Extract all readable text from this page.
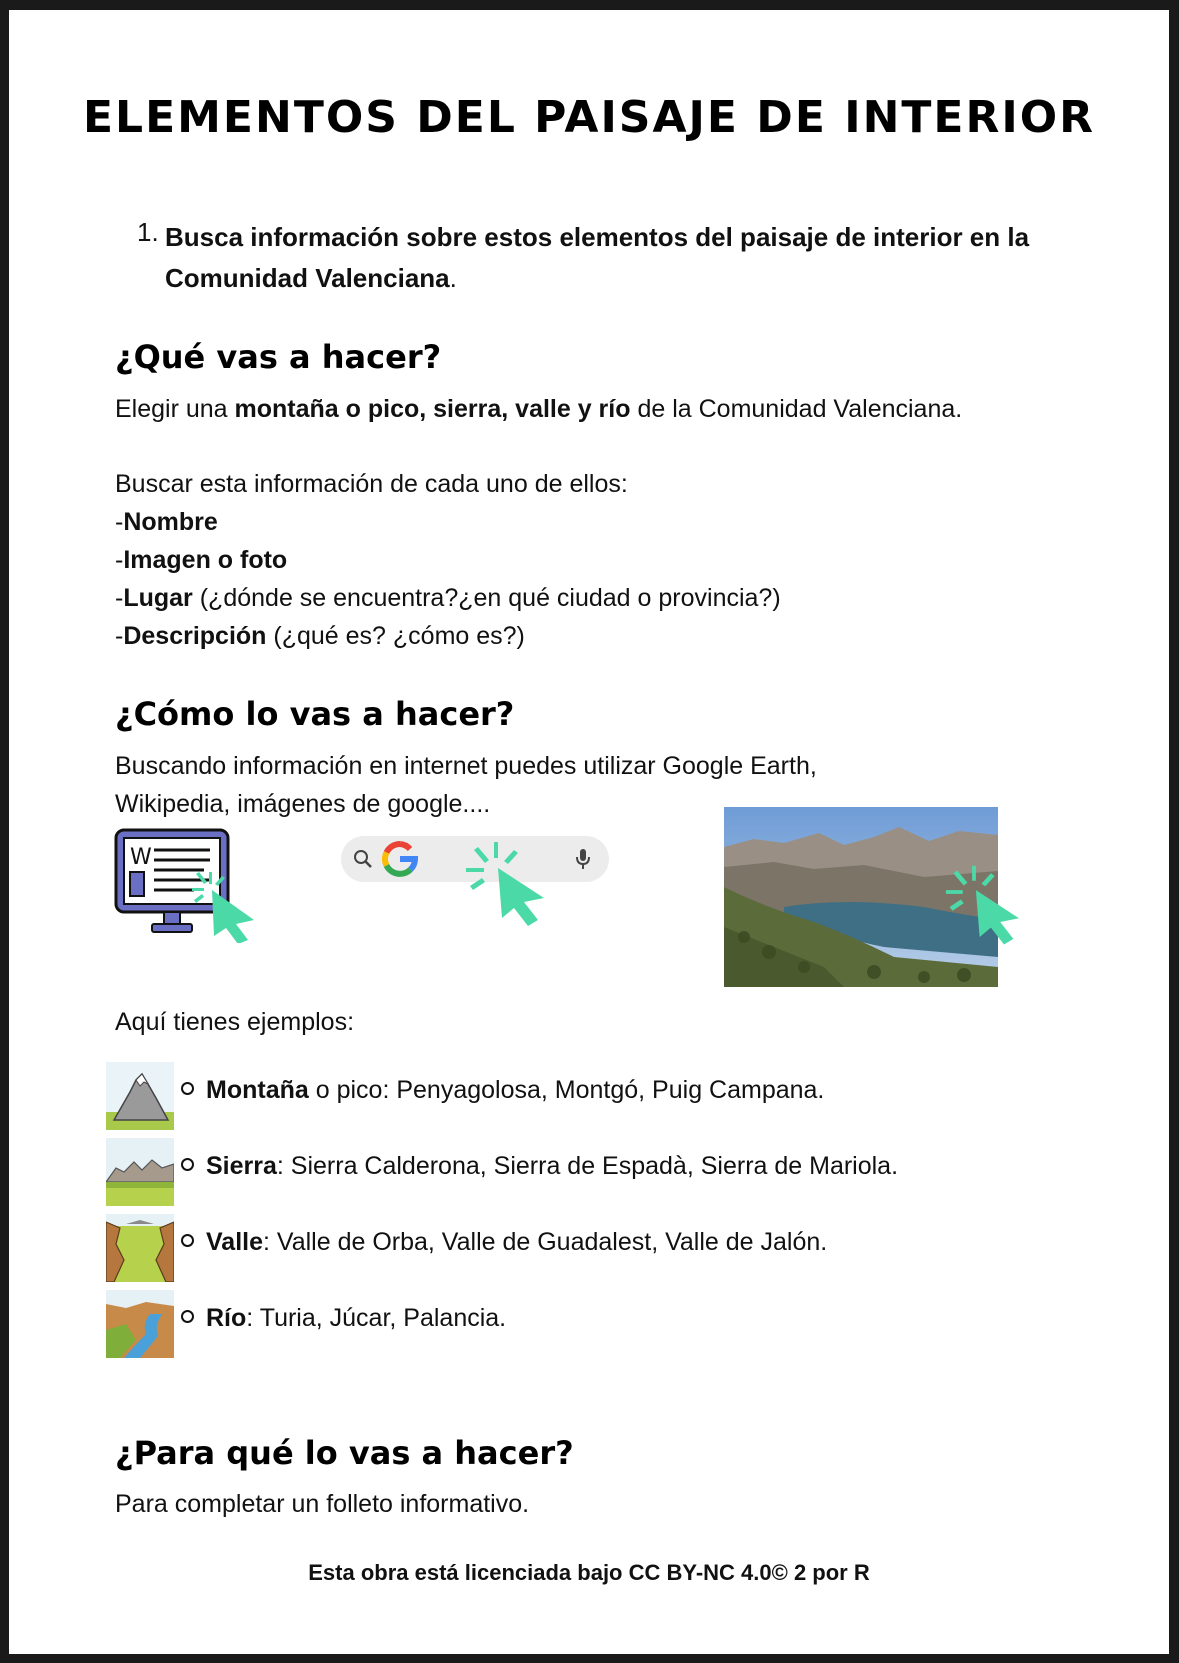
ELEMENTOS DEL PAISAJE DE INTERIOR
1. Busca información sobre estos elementos del paisaje de interior en la Comunidad Valenciana.
¿Qué vas a hacer?
Elegir una montaña o pico, sierra, valle y río de la Comunidad Valenciana.
Buscar esta información de cada uno de ellos:
-Nombre
-Imagen o foto
-Lugar (¿dónde se encuentra?¿en qué ciudad o provincia?)
-Descripción (¿qué es? ¿cómo es?)
¿Cómo lo vas a hacer?
Buscando información en internet puedes utilizar Google Earth, Wikipedia, imágenes de google....
W
Aquí tienes ejemplos:
Montaña o pico: Penyagolosa, Montgó, Puig Campana.
Sierra: Sierra Calderona, Sierra de Espadà, Sierra de Mariola.
Valle: Valle de Orba, Valle de Guadalest, Valle de Jalón.
Río: Turia, Júcar, Palancia.
¿Para qué lo vas a hacer?
Para completar un folleto informativo.
Esta obra está licenciada bajo CC BY-NC 4.0© 2 por R
